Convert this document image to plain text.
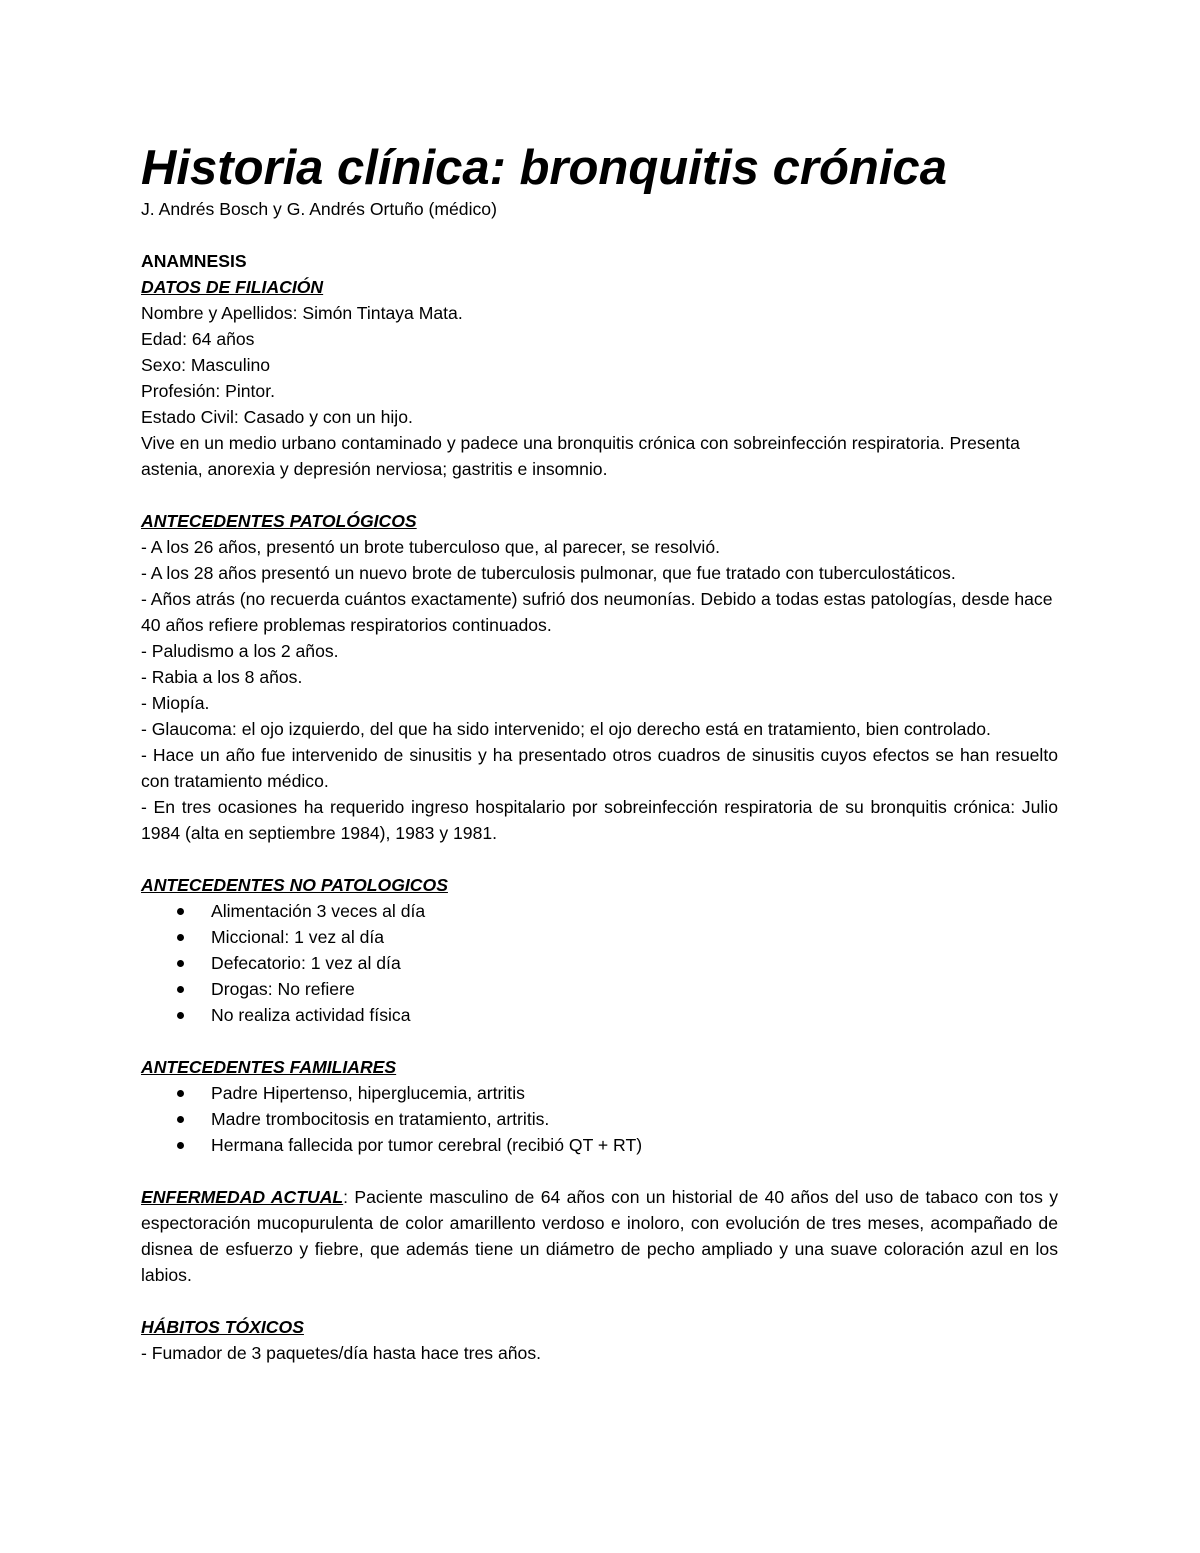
Historia clínica: bronquitis crónica

J. Andrés Bosch y G. Andrés Ortuño (médico)

ANAMNESIS

DATOS DE FILIACIÓN

Nombre y Apellidos: Simón Tintaya Mata.

Edad: 64 años

Sexo: Masculino

Profesión: Pintor.

Estado Civil: Casado y con un hijo.

Vive en un medio urbano contaminado y padece una bronquitis crónica con sobreinfección respiratoria. Presenta astenia, anorexia y depresión nerviosa; gastritis e insomnio.

ANTECEDENTES PATOLÓGICOS

- A los 26 años, presentó un brote tuberculoso que, al parecer, se resolvió.

- A los 28 años presentó un nuevo brote de tuberculosis pulmonar, que fue tratado con tuberculostáticos.

- Años atrás (no recuerda cuántos exactamente) sufrió dos neumonías. Debido a todas estas patologías, desde hace 40 años refiere problemas respiratorios continuados.

- Paludismo a los 2 años.

- Rabia a los 8 años.

- Miopía.

- Glaucoma: el ojo izquierdo, del que ha sido intervenido; el ojo derecho está en tratamiento, bien controlado.

- Hace un año fue intervenido de sinusitis y ha presentado otros cuadros de sinusitis cuyos efectos se han resuelto con tratamiento médico.

- En tres ocasiones ha requerido ingreso hospitalario por sobreinfección respiratoria de su bronquitis crónica: Julio 1984 (alta en septiembre 1984), 1983 y 1981.

ANTECEDENTES NO PATOLOGICOS

Alimentación 3 veces al día
Miccional: 1 vez al día
Defecatorio: 1 vez al día
Drogas: No refiere
No realiza actividad física

ANTECEDENTES FAMILIARES

Padre Hipertenso, hiperglucemia, artritis
Madre trombocitosis en tratamiento, artritis.
Hermana fallecida por tumor cerebral (recibió QT + RT)

ENFERMEDAD ACTUAL: Paciente masculino de 64 años con un historial de 40 años del uso de tabaco con tos y espectoración mucopurulenta de color amarillento verdoso e inoloro, con evolución de tres meses, acompañado de disnea de esfuerzo y fiebre, que además tiene un diámetro de pecho ampliado y una suave coloración azul en los labios.

HÁBITOS TÓXICOS

- Fumador de 3 paquetes/día hasta hace tres años.
